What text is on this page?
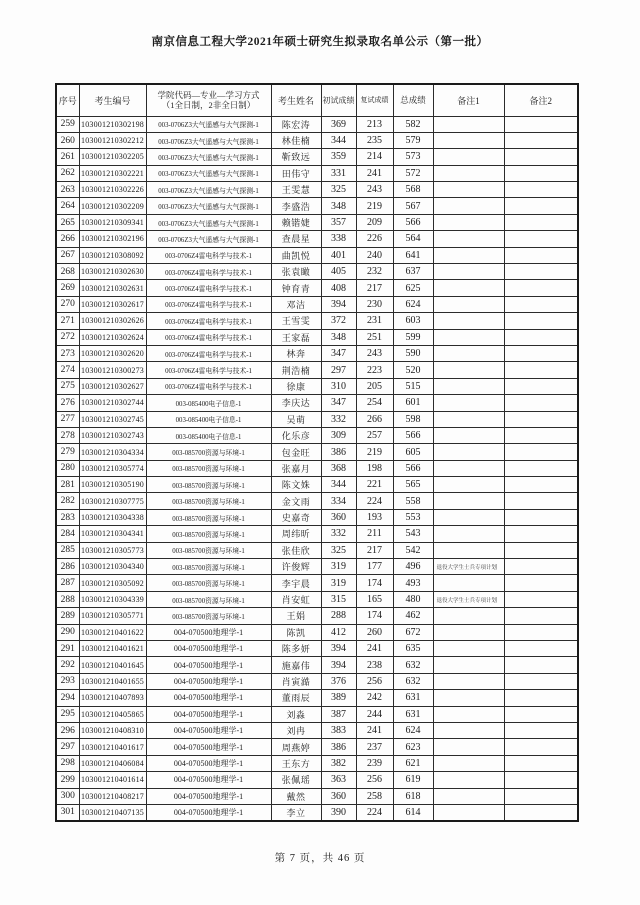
南京信息工程大学2021年硕士研究生拟录取名单公示（第一批）
序号	考生编号	学院代码—专业—学习方式
（1全日制，2非全日制）	考生姓名	初试成绩	复试成绩	总成绩	备注1	备注2
259	103001210302198	003-0706Z3大气遥感与大气探测-1	陈宏涛	369	213	582		
260	103001210302212	003-0706Z3大气遥感与大气探测-1	林佳楠	344	235	579		
261	103001210302205	003-0706Z3大气遥感与大气探测-1	靳致远	359	214	573		
262	103001210302221	003-0706Z3大气遥感与大气探测-1	田伟守	331	241	572		
263	103001210302226	003-0706Z3大气遥感与大气探测-1	王雯慧	325	243	568		
264	103001210302209	003-0706Z3大气遥感与大气探测-1	李盛浩	348	219	567		
265	103001210309341	003-0706Z3大气遥感与大气探测-1	赖锴婕	357	209	566		
266	103001210302196	003-0706Z3大气遥感与大气探测-1	查晨星	338	226	564		
267	103001210308092	003-0706Z4雷电科学与技术-1	曲凯悦	401	240	641		
268	103001210302630	003-0706Z4雷电科学与技术-1	张袁瞰	405	232	637		
269	103001210302631	003-0706Z4雷电科学与技术-1	钟育青	408	217	625		
270	103001210302617	003-0706Z4雷电科学与技术-1	邓洁	394	230	624		
271	103001210302626	003-0706Z4雷电科学与技术-1	王雪雯	372	231	603		
272	103001210302624	003-0706Z4雷电科学与技术-1	王家磊	348	251	599		
273	103001210302620	003-0706Z4雷电科学与技术-1	林奔	347	243	590		
274	103001210300273	003-0706Z4雷电科学与技术-1	荆浩楠	297	223	520		
275	103001210302627	003-0706Z4雷电科学与技术-1	徐康	310	205	515		
276	103001210302744	003-085400电子信息-1	李庆达	347	254	601		
277	103001210302745	003-085400电子信息-1	吴萌	332	266	598		
278	103001210302743	003-085400电子信息-1	化乐彦	309	257	566		
279	103001210304334	003-085700资源与环境-1	包金旺	386	219	605		
280	103001210305774	003-085700资源与环境-1	张嘉月	368	198	566		
281	103001210305190	003-085700资源与环境-1	陈文姝	344	221	565		
282	103001210307775	003-085700资源与环境-1	金文雨	334	224	558		
283	103001210304338	003-085700资源与环境-1	史嘉奇	360	193	553		
284	103001210304341	003-085700资源与环境-1	周纬昕	332	211	543		
285	103001210305773	003-085700资源与环境-1	张佳欣	325	217	542		
286	103001210304340	003-085700资源与环境-1	许俊辉	319	177	496	退役大学生士兵专项计划	
287	103001210305092	003-085700资源与环境-1	李宇晨	319	174	493		
288	103001210304339	003-085700资源与环境-1	肖安虹	315	165	480	退役大学生士兵专项计划	
289	103001210305771	003-085700资源与环境-1	王娟	288	174	462		
290	103001210401622	004-070500地理学-1	陈凯	412	260	672		
291	103001210401621	004-070500地理学-1	陈多妍	394	241	635		
292	103001210401645	004-070500地理学-1	施嘉伟	394	238	632		
293	103001210401655	004-070500地理学-1	肖寅澔	376	256	632		
294	103001210407893	004-070500地理学-1	董雨辰	389	242	631		
295	103001210405865	004-070500地理学-1	刘淼	387	244	631		
296	103001210408310	004-070500地理学-1	刘冉	383	241	624		
297	103001210401617	004-070500地理学-1	周燕婷	386	237	623		
298	103001210406084	004-070500地理学-1	王东方	382	239	621		
299	103001210401614	004-070500地理学-1	张佩瑶	363	256	619		
300	103001210408217	004-070500地理学-1	戴然	360	258	618		
301	103001210407135	004-070500地理学-1	李立	390	224	614		
第 7 页，共 46 页
